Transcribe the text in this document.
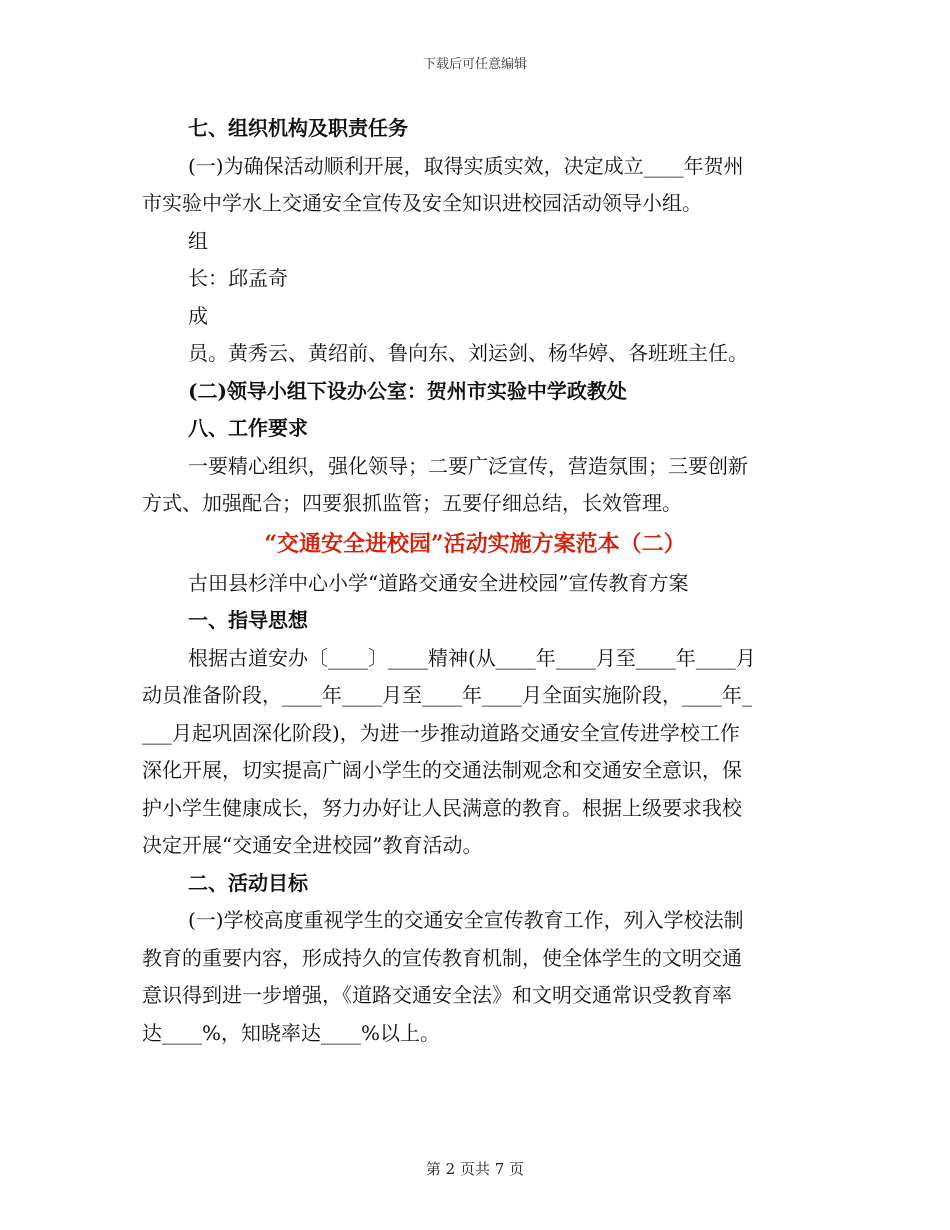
下载后可任意编辑
七、组织机构及职责任务
(一)为确保活动顺利开展，取得实质实效，决定成立____年贺州
市实验中学水上交通安全宣传及安全知识进校园活动领导小组。
组
长：邱孟奇
成
员。黄秀云、黄绍前、鲁向东、刘运剑、杨华婷、各班班主任。
(二)领导小组下设办公室：贺州市实验中学政教处
八、工作要求
一要精心组织，强化领导；二要广泛宣传，营造氛围；三要创新
方式、加强配合；四要狠抓监管；五要仔细总结，长效管理。
“交通安全进校园”活动实施方案范本（二）
古田县杉洋中心小学“道路交通安全进校园”宣传教育方案
一、指导思想
根据古道安办〔____〕____精神(从____年____月至____年____月
动员准备阶段，____年____月至____年____月全面实施阶段，____年_
___月起巩固深化阶段)，为进一步推动道路交通安全宣传进学校工作
深化开展，切实提高广阔小学生的交通法制观念和交通安全意识，保
护小学生健康成长，努力办好让人民满意的教育。根据上级要求我校
决定开展“交通安全进校园”教育活动。
二、活动目标
(一)学校高度重视学生的交通安全宣传教育工作，列入学校法制
教育的重要内容，形成持久的宣传教育机制，使全体学生的文明交通
意识得到进一步增强，《道路交通安全法》和文明交通常识受教育率
达____%，知晓率达____%以上。
第 2 页共 7 页
